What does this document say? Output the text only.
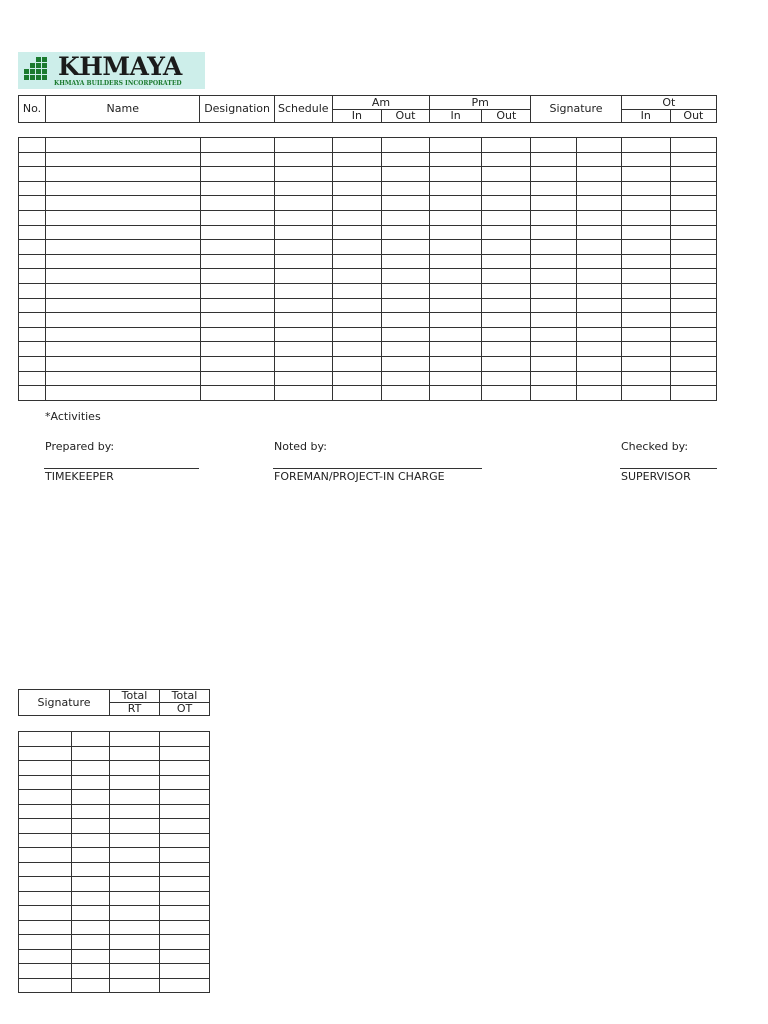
KHMAYA
KHMAYA BUILDERS INCORPORATED
No.	Name	Designation	Schedule	Am		Pm		Signature	Ot	
				In	Out	In	Out		In	Out

*Activities
Prepared by:	Noted by:	Checked by:
TIMEKEEPER	FOREMAN/PROJECT-IN CHARGE	SUPERVISOR
Signature	Total	Total
	RT	OT
